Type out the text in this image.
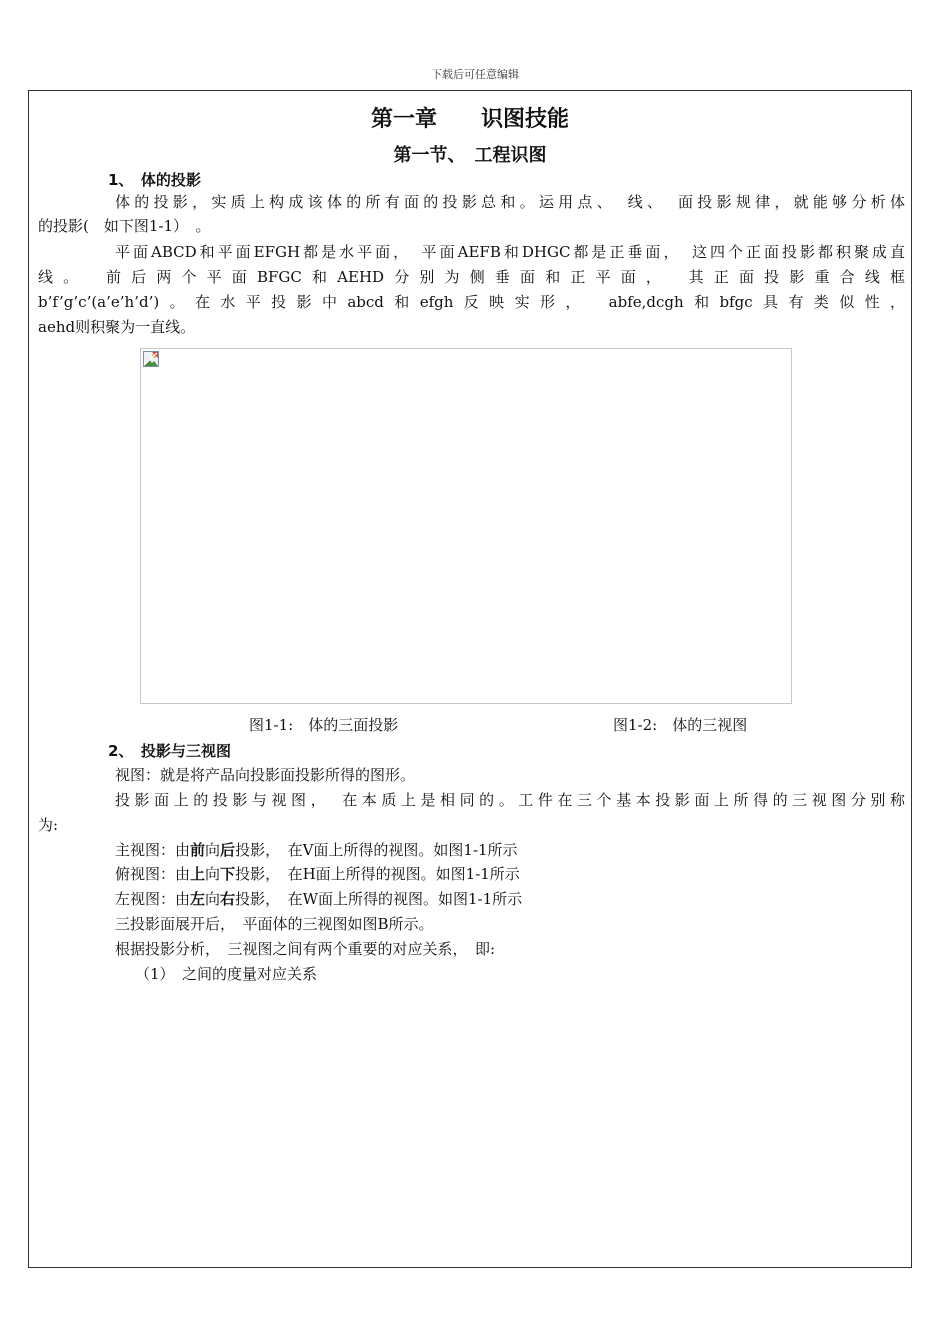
下载后可任意编辑
第一章　　识图技能
第一节、　工程识图
1、　体的投影
体的投影，实质上构成该体的所有面的投影总和。运用点、　线、　面投影规律，就能够分析体
的投影(　如下图1-1）　。
平面ABCD和平面EFGH都是水平面，　平面AEFB和DHGC都是正垂面，　这四个正面投影都积聚成直
线。　前后两个平面BFGC和AEHD分别为侧垂面和正平面，　其正面投影重合线框
b’f’g’c’(a’e’h’d’)。在水平投影中abcd和efgh反映实形，　abfe,dcgh和bfgc具有类似性，
aehd则积聚为一直线。
图1-1:　体的三面投影	图1-2:　体的三视图
2、　投影与三视图
视图：就是将产品向投影面投影所得的图形。
投影面上的投影与视图，　在本质上是相同的。工件在三个基本投影面上所得的三视图分别称
为:
主视图：由前向后投影，　在V面上所得的视图。如图1-1所示
俯视图：由上向下投影，　在H面上所得的视图。如图1-1所示
左视图：由左向右投影，　在W面上所得的视图。如图1-1所示
三投影面展开后，　平面体的三视图如图B所示。
根据投影分析，　三视图之间有两个重要的对应关系，　即:
（1）　之间的度量对应关系
